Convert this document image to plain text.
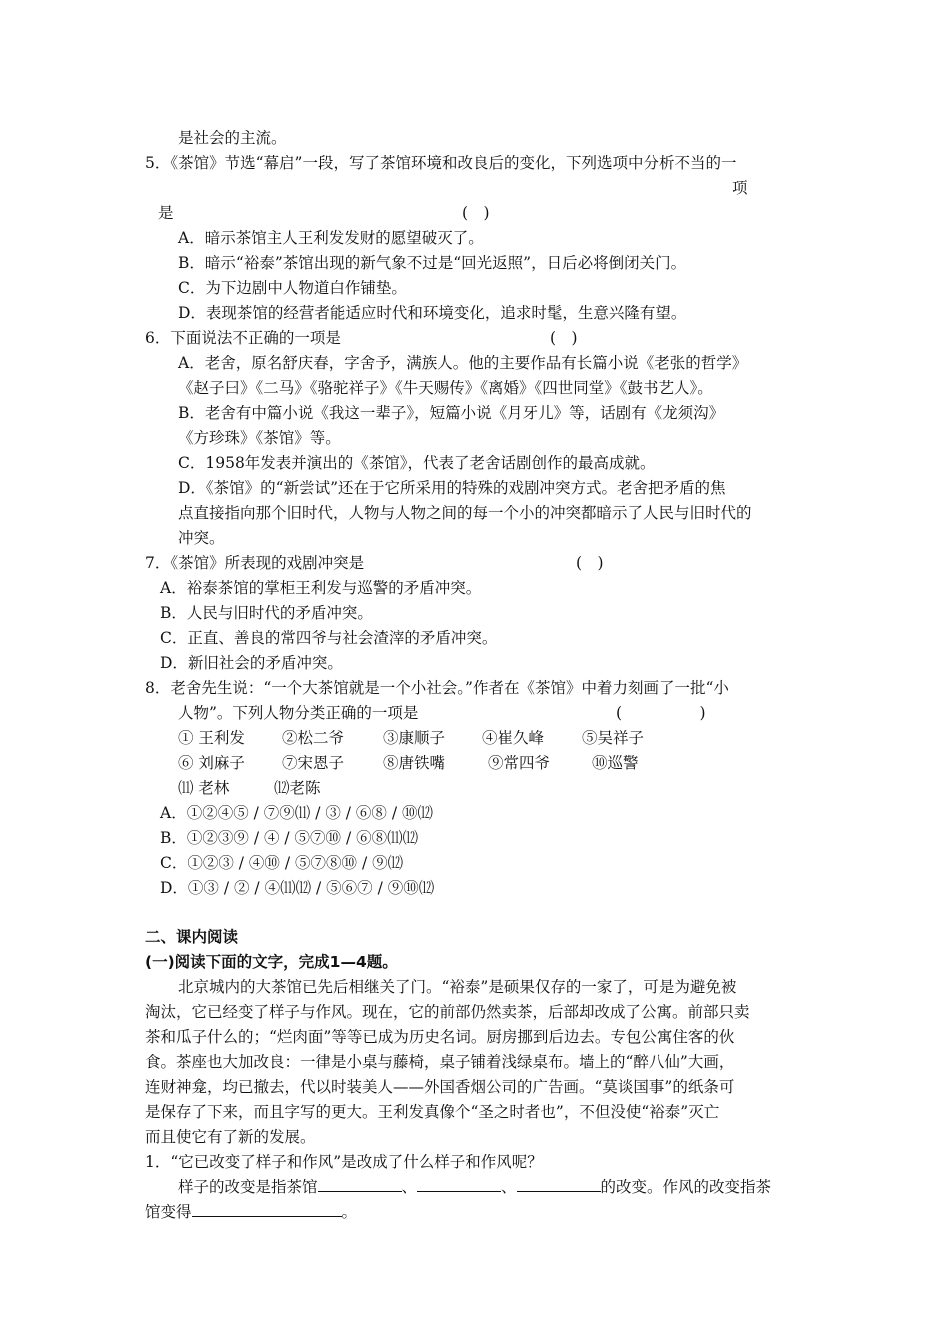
是社会的主流。
5．《茶馆》节选“幕启”一段，写了茶馆环境和改良后的变化，下列选项中分析不当的一
项
是	(　)
A．暗示茶馆主人王利发发财的愿望破灭了。
B．暗示“裕泰”茶馆出现的新气象不过是“回光返照”，日后必将倒闭关门。
C．为下边剧中人物道白作铺垫。
D．表现茶馆的经营者能适应时代和环境变化，追求时髦，生意兴隆有望。
6．下面说法不正确的一项是	(　)
A．老舍，原名舒庆春，字舍予，满族人。他的主要作品有长篇小说《老张的哲学》
《赵子曰》《二马》《骆驼祥子》《牛天赐传》《离婚》《四世同堂》《鼓书艺人》。
B．老舍有中篇小说《我这一辈子》，短篇小说《月牙儿》等，话剧有《龙须沟》
《方珍珠》《茶馆》等。
C．1958年发表并演出的《茶馆》，代表了老舍话剧创作的最高成就。
D．《茶馆》的“新尝试”还在于它所采用的特殊的戏剧冲突方式。老舍把矛盾的焦
点直接指向那个旧时代，人物与人物之间的每一个小的冲突都暗示了人民与旧时代的
冲突。
7．《茶馆》所表现的戏剧冲突是	(　)
A．裕泰茶馆的掌柜王利发与巡警的矛盾冲突。
B．人民与旧时代的矛盾冲突。
C．正直、善良的常四爷与社会渣滓的矛盾冲突。
D．新旧社会的矛盾冲突。
8．老舍先生说：“一个大茶馆就是一个小社会。”作者在《茶馆》中着力刻画了一批“小
人物”。下列人物分类正确的一项是	(　　　　　)
① 王利发 ②松二爷	③康顺子 ④崔久峰 ⑤吴祥子
⑥ 刘麻子 ⑦宋恩子	⑧唐铁嘴	⑨常四爷	⑩巡警
⑾ 老林	⑿老陈
A．①②④⑤ / ⑦⑨⑾ / ③ / ⑥⑧ / ⑩⑿
B．①②③⑨ / ④ / ⑤⑦⑩ / ⑥⑧⑾⑿
C．①②③ / ④⑩ / ⑤⑦⑧⑩ / ⑨⑿
D．①③ / ② / ④⑾⑿ / ⑤⑥⑦ / ⑨⑩⑿
二、课内阅读
(一)阅读下面的文字，完成1—4题。
北京城内的大茶馆已先后相继关了门。“裕泰”是硕果仅存的一家了，可是为避免被
淘汰，它已经变了样子与作风。现在，它的前部仍然卖茶，后部却改成了公寓。前部只卖
茶和瓜子什么的；“烂肉面”等等已成为历史名词。厨房挪到后边去。专包公寓住客的伙
食。茶座也大加改良：一律是小桌与藤椅，桌子铺着浅绿桌布。墙上的“醉八仙”大画，
连财神龛，均已撤去，代以时装美人——外国香烟公司的广告画。“莫谈国事”的纸条可
是保存了下来，而且字写的更大。王利发真像个“圣之时者也”，不但没使“裕泰”灭亡
而且使它有了新的发展。
1．“它已改变了样子和作风”是改成了什么样子和作风呢？
样子的改变是指茶馆	、	、	的改变。作风的改变指茶
馆变得	。
